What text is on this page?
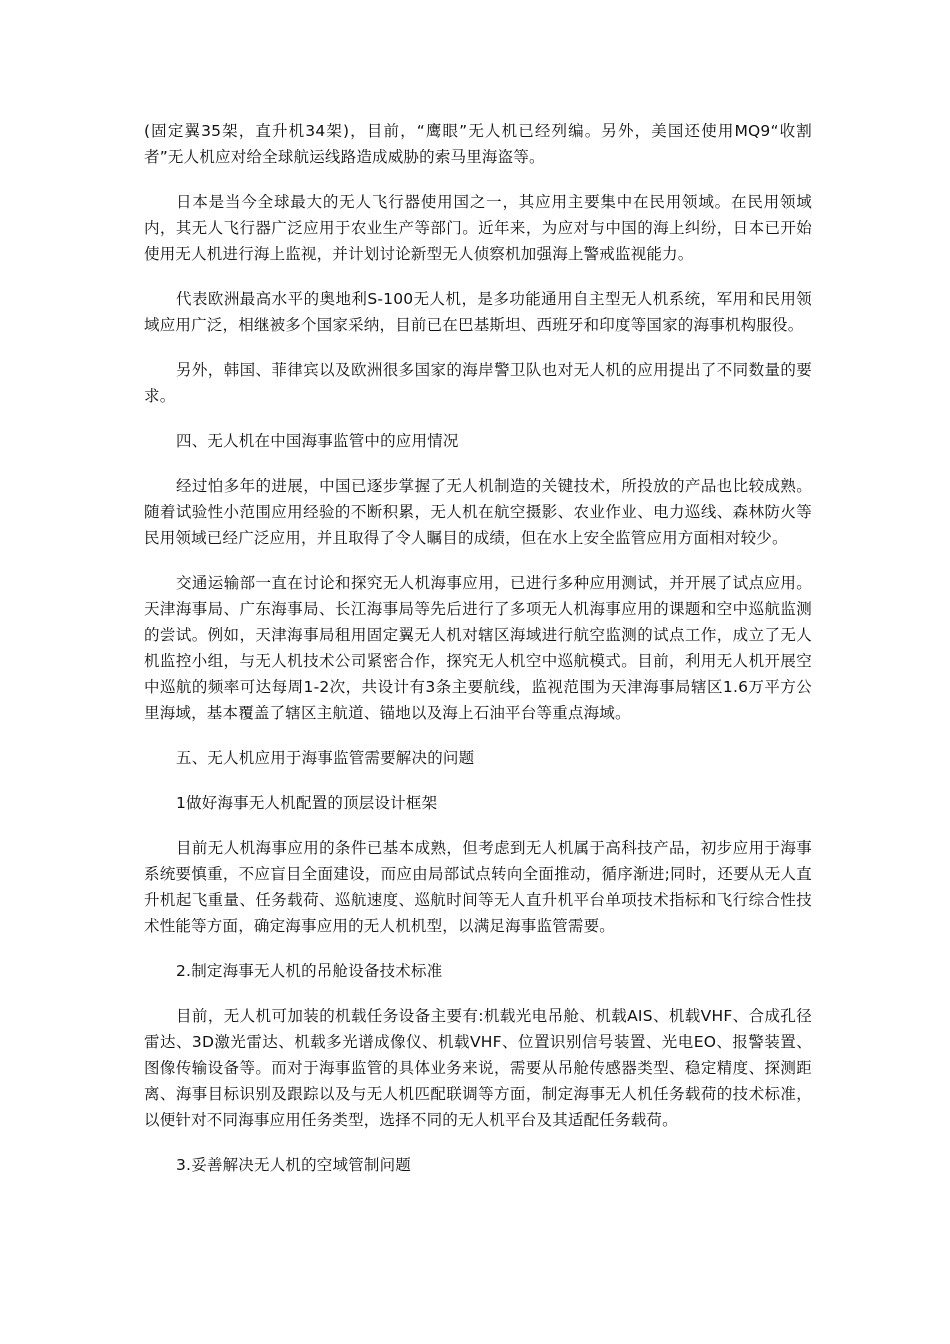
(固定翼35架，直升机34架)，目前，“鹰眼”无人机已经列编。另外，美国还使用MQ9“收割者”无人机应对给全球航运线路造成威胁的索马里海盗等。

日本是当今全球最大的无人飞行器使用国之一，其应用主要集中在民用领域。在民用领域内，其无人飞行器广泛应用于农业生产等部门。近年来，为应对与中国的海上纠纷，日本已开始使用无人机进行海上监视，并计划讨论新型无人侦察机加强海上警戒监视能力。

代表欧洲最高水平的奥地利S-100无人机，是多功能通用自主型无人机系统，军用和民用领域应用广泛，相继被多个国家采纳，目前已在巴基斯坦、西班牙和印度等国家的海事机构服役。

另外，韩国、菲律宾以及欧洲很多国家的海岸警卫队也对无人机的应用提出了不同数量的要求。

四、无人机在中国海事监管中的应用情况

经过怕多年的进展，中国已逐步掌握了无人机制造的关键技术，所投放的产品也比较成熟。随着试验性小范围应用经验的不断积累，无人机在航空摄影、农业作业、电力巡线、森林防火等民用领域已经广泛应用，并且取得了令人瞩目的成绩，但在水上安全监管应用方面相对较少。

交通运输部一直在讨论和探究无人机海事应用，已进行多种应用测试，并开展了试点应用。天津海事局、广东海事局、长江海事局等先后进行了多项无人机海事应用的课题和空中巡航监测的尝试。例如，天津海事局租用固定翼无人机对辖区海域进行航空监测的试点工作，成立了无人机监控小组，与无人机技术公司紧密合作，探究无人机空中巡航模式。目前，利用无人机开展空中巡航的频率可达每周1-2次，共设计有3条主要航线，监视范围为天津海事局辖区1.6万平方公里海域，基本覆盖了辖区主航道、锚地以及海上石油平台等重点海域。

五、无人机应用于海事监管需要解决的问题

1做好海事无人机配置的顶层设计框架

目前无人机海事应用的条件已基本成熟，但考虑到无人机属于高科技产品，初步应用于海事系统要慎重，不应盲目全面建设，而应由局部试点转向全面推动，循序渐进;同时，还要从无人直升机起飞重量、任务载荷、巡航速度、巡航时间等无人直升机平台单项技术指标和飞行综合性技术性能等方面，确定海事应用的无人机机型，以满足海事监管需要。

2.制定海事无人机的吊舱设备技术标准

目前，无人机可加装的机载任务设备主要有:机载光电吊舱、机载AIS、机载VHF、合成孔径雷达、3D激光雷达、机载多光谱成像仪、机载VHF、位置识别信号装置、光电EO、报警装置、图像传输设备等。而对于海事监管的具体业务来说，需要从吊舱传感器类型、稳定精度、探测距离、海事目标识别及跟踪以及与无人机匹配联调等方面，制定海事无人机任务载荷的技术标准，以便针对不同海事应用任务类型，选择不同的无人机平台及其适配任务载荷。

3.妥善解决无人机的空域管制问题
